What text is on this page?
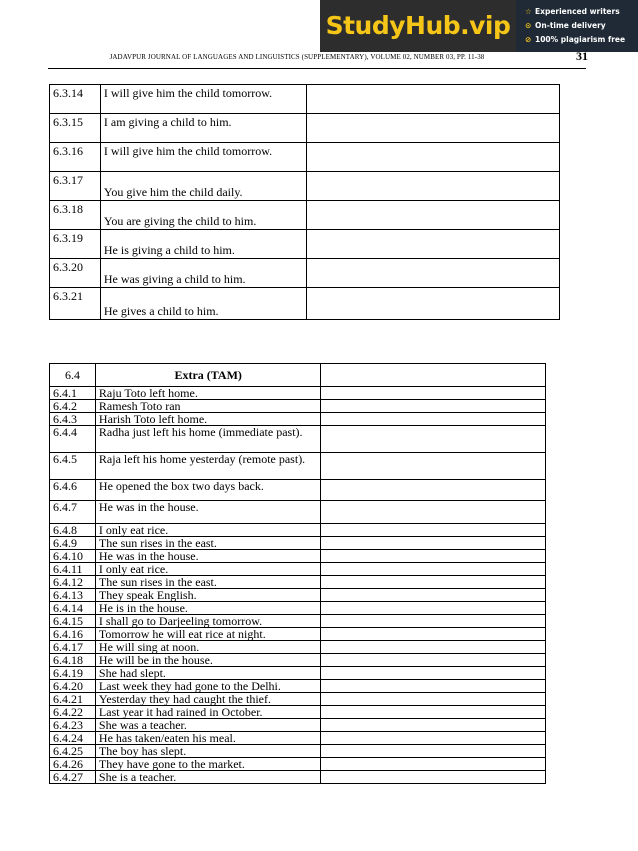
StudyHub.vip	☆ Experienced writers
⊙ On-time delivery
⊘ 100% plagiarism free
JADAVPUR JOURNAL OF LANGUAGES AND LINGUISTICS (SUPPLEMENTARY), VOLUME 02, NUMBER 03, PP. 11-38	31
6.3.14	I will give him the child tomorrow.	
6.3.15	I am giving a child to him.	
6.3.16	I will give him the child tomorrow.	
6.3.17	You give him the child daily.	
6.3.18	You are giving the child to him.	
6.3.19	He is giving a child to him.	
6.3.20	He was giving a child to him.	
6.3.21	He gives a child to him.	
6.4	Extra (TAM)	
6.4.1	Raju Toto left home.	
6.4.2	Ramesh Toto ran	
6.4.3	Harish Toto left home.	
6.4.4	Radha just left his home (immediate past).	
6.4.5	Raja left his home yesterday (remote past).	
6.4.6	He opened the box two days back.	
6.4.7	He was in the house.	
6.4.8	I only eat rice.	
6.4.9	The sun rises in the east.	
6.4.10	He was in the house.	
6.4.11	I only eat rice.	
6.4.12	The sun rises in the east.	
6.4.13	They speak English.	
6.4.14	He is in the house.	
6.4.15	I shall go to Darjeeling tomorrow.	
6.4.16	Tomorrow he will eat rice at night.	
6.4.17	He will sing at noon.	
6.4.18	He will be in the house.	
6.4.19	She had slept.	
6.4.20	Last week they had gone to the Delhi.	
6.4.21	Yesterday they had caught the thief.	
6.4.22	Last year it had rained in October.	
6.4.23	She was a teacher.	
6.4.24	He has taken/eaten his meal.	
6.4.25	The boy has slept.	
6.4.26	They have gone to the market.	
6.4.27	She is a teacher.	
